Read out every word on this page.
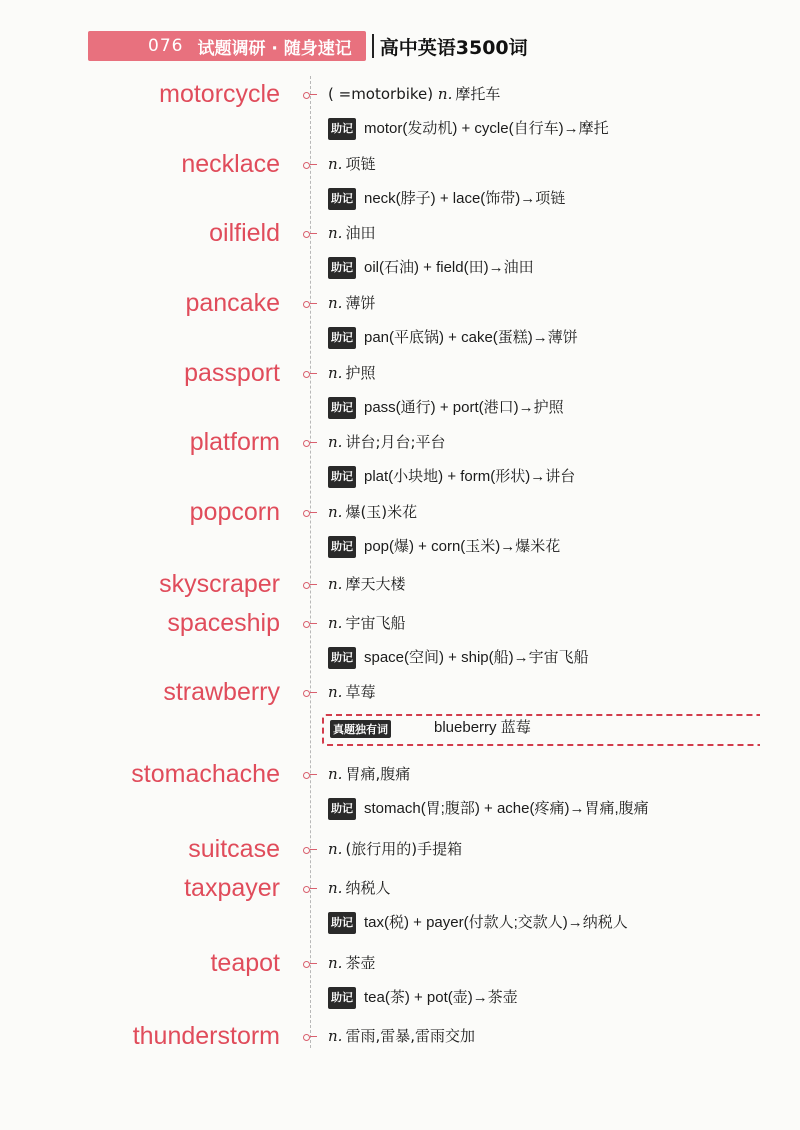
076 试题调研 · 随身速记 高中英语3500词
motorcycle	( =motorbike) n. 摩托车
助记 motor(发动机) + cycle(自行车)→摩托
necklace	n. 项链
助记 neck(脖子) + lace(饰带)→项链
oilfield	n. 油田
助记 oil(石油) + field(田)→油田
pancake	n. 薄饼
助记 pan(平底锅) + cake(蛋糕)→薄饼
passport	n. 护照
助记 pass(通行) + port(港口)→护照
platform	n. 讲台;月台;平台
助记 plat(小块地) + form(形状)→讲台
popcorn	n. 爆(玉)米花
助记 pop(爆) + corn(玉米)→爆米花
skyscraper	n. 摩天大楼
spaceship	n. 宇宙飞船
助记 space(空间) + ship(船)→宇宙飞船
strawberry	n. 草莓
真题独有词	blueberry 蓝莓
stomachache	n. 胃痛,腹痛
助记 stomach(胃;腹部) + ache(疼痛)→胃痛,腹痛
suitcase	n. (旅行用的)手提箱
taxpayer	n. 纳税人
助记 tax(税) + payer(付款人;交款人)→纳税人
teapot	n. 茶壶
助记 tea(茶) + pot(壶)→茶壶
thunderstorm	n. 雷雨,雷暴,雷雨交加
